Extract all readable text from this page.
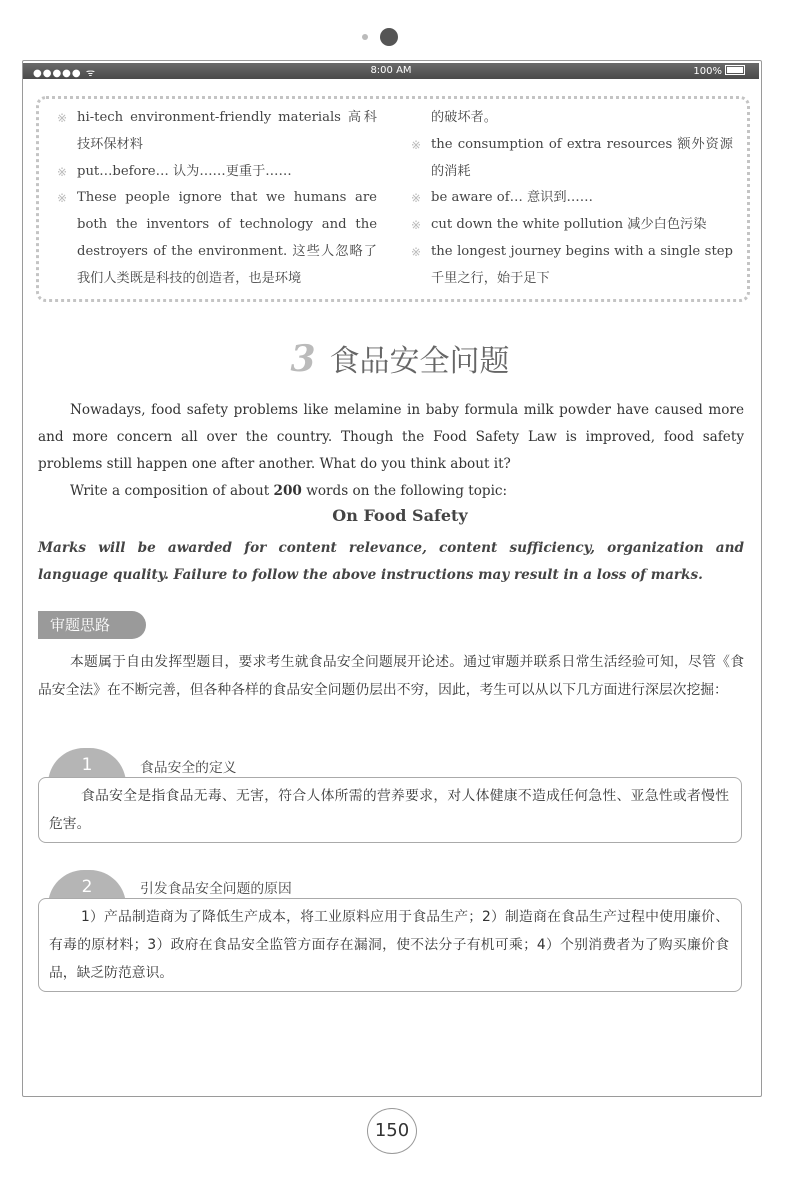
●●●●● ᯤ	8:00 AM	100%
※ hi-tech environment-friendly materials 高科技环保材料
※ put…before… 认为……更重于……
※ These people ignore that we humans are both the inventors of technology and the destroyers of the environment. 这些人忽略了我们人类既是科技的创造者，也是环境
的破坏者。
※ the consumption of extra resources 额外资源的消耗
※ be aware of… 意识到……
※ cut down the white pollution 减少白色污染
※ the longest journey begins with a single step 千里之行，始于足下
3 食品安全问题
Nowadays, food safety problems like melamine in baby formula milk powder have caused more and more concern all over the country. Though the Food Safety Law is improved, food safety problems still happen one after another. What do you think about it?
Write a composition of about 200 words on the following topic:
On Food Safety
Marks will be awarded for content relevance, content sufficiency, organization and language quality. Failure to follow the above instructions may result in a loss of marks.
审题思路
本题属于自由发挥型题目，要求考生就食品安全问题展开论述。通过审题并联系日常生活经验可知，尽管《食品安全法》在不断完善，但各种各样的食品安全问题仍层出不穷，因此，考生可以从以下几方面进行深层次挖掘：
1	食品安全的定义
食品安全是指食品无毒、无害，符合人体所需的营养要求，对人体健康不造成任何急性、亚急性或者慢性危害。
2	引发食品安全问题的原因
1）产品制造商为了降低生产成本，将工业原料应用于食品生产；2）制造商在食品生产过程中使用廉价、有毒的原材料；3）政府在食品安全监管方面存在漏洞，使不法分子有机可乘；4）个别消费者为了购买廉价食品，缺乏防范意识。
150
